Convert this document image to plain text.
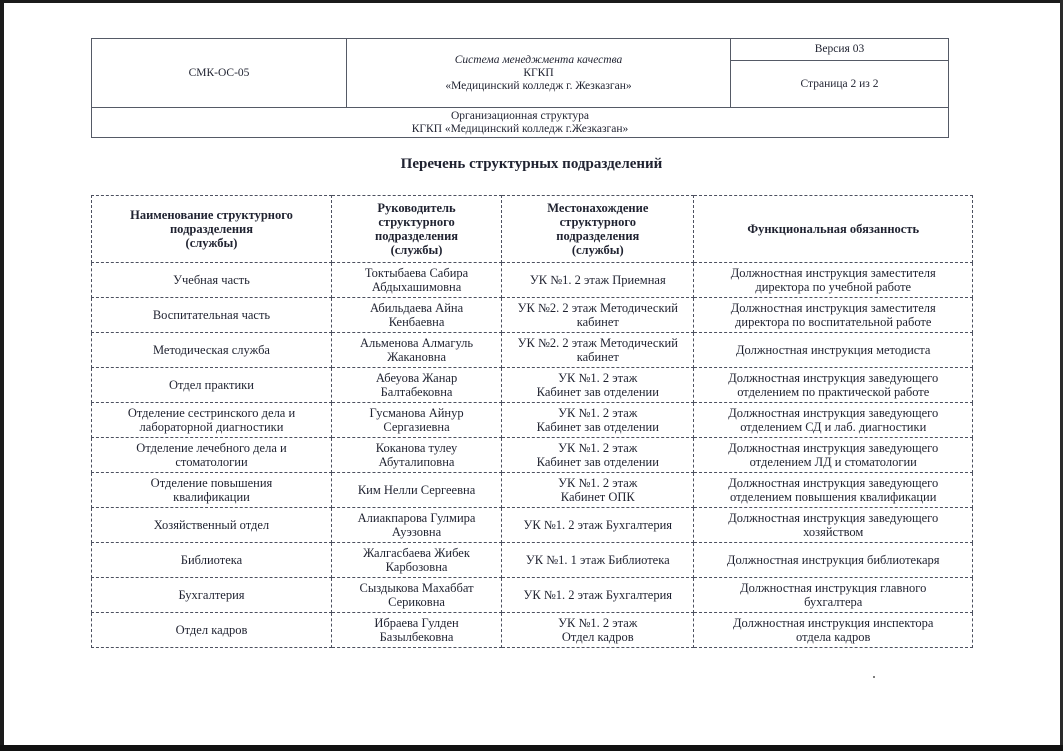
СМК-ОС-05	
Система менеджмента качества
КГКП
«Медицинский колледж г. Жезказган»
	Версия 03
Страница 2 из 2

Организационная структура
КГКП «Медицинский колледж г.Жезказган»
Перечень структурных подразделений
Наименование структурного
подразделения
(службы)	Руководитель
структурного
подразделения
(службы)	Местонахождение
структурного
подразделения
(службы)	Функциональная обязанность

Учебная часть	Токтыбаева Сабира
Абдыхашимовна	УК №1. 2 этаж Приемная	Должностная инструкция заместителя
директора по учебной работе

Воспитательная часть	Абильдаева Айна
Кенбаевна	УК №2. 2 этаж Методический
кабинет	Должностная инструкция заместителя
директора по воспитательной работе

Методическая служба	Альменова Алмагуль
Жакановна	УК №2. 2 этаж Методический
кабинет	Должностная инструкция методиста

Отдел практики	Абеуова Жанар
Балтабековна	УК №1. 2 этаж
Кабинет зав отделении	Должностная инструкция заведующего
отделением по практической работе

Отделение сестринского дела и
лабораторной диагностики	Гусманова Айнур
Сергазиевна	УК №1. 2 этаж
Кабинет зав отделении	Должностная инструкция заведующего
отделением СД и лаб. диагностики

Отделение лечебного дела и
стоматологии	Коканова тулеу
Абуталиповна	УК №1. 2 этаж
Кабинет зав отделении	Должностная инструкция заведующего
отделением ЛД и стоматологии

Отделение повышения
квалификации	Ким Нелли Сергеевна	УК №1. 2 этаж
Кабинет ОПК	Должностная инструкция заведующего
отделением повышения квалификации

Хозяйственный отдел	Алиакпарова Гулмира
Ауэзовна	УК №1. 2 этаж Бухгалтерия	Должностная инструкция заведующего
хозяйством

Библиотека	Жалгасбаева Жибек
Карбозовна	УК №1. 1 этаж Библиотека	Должностная инструкция библиотекаря

Бухгалтерия	Сыздыкова Махаббат
Сериковна	УК №1. 2 этаж Бухгалтерия	Должностная инструкция главного
бухгалтера

Отдел кадров	Ибраева Гулден
Базылбековна	УК №1. 2 этаж
Отдел кадров	Должностная инструкция инспектора
отдела кадров
